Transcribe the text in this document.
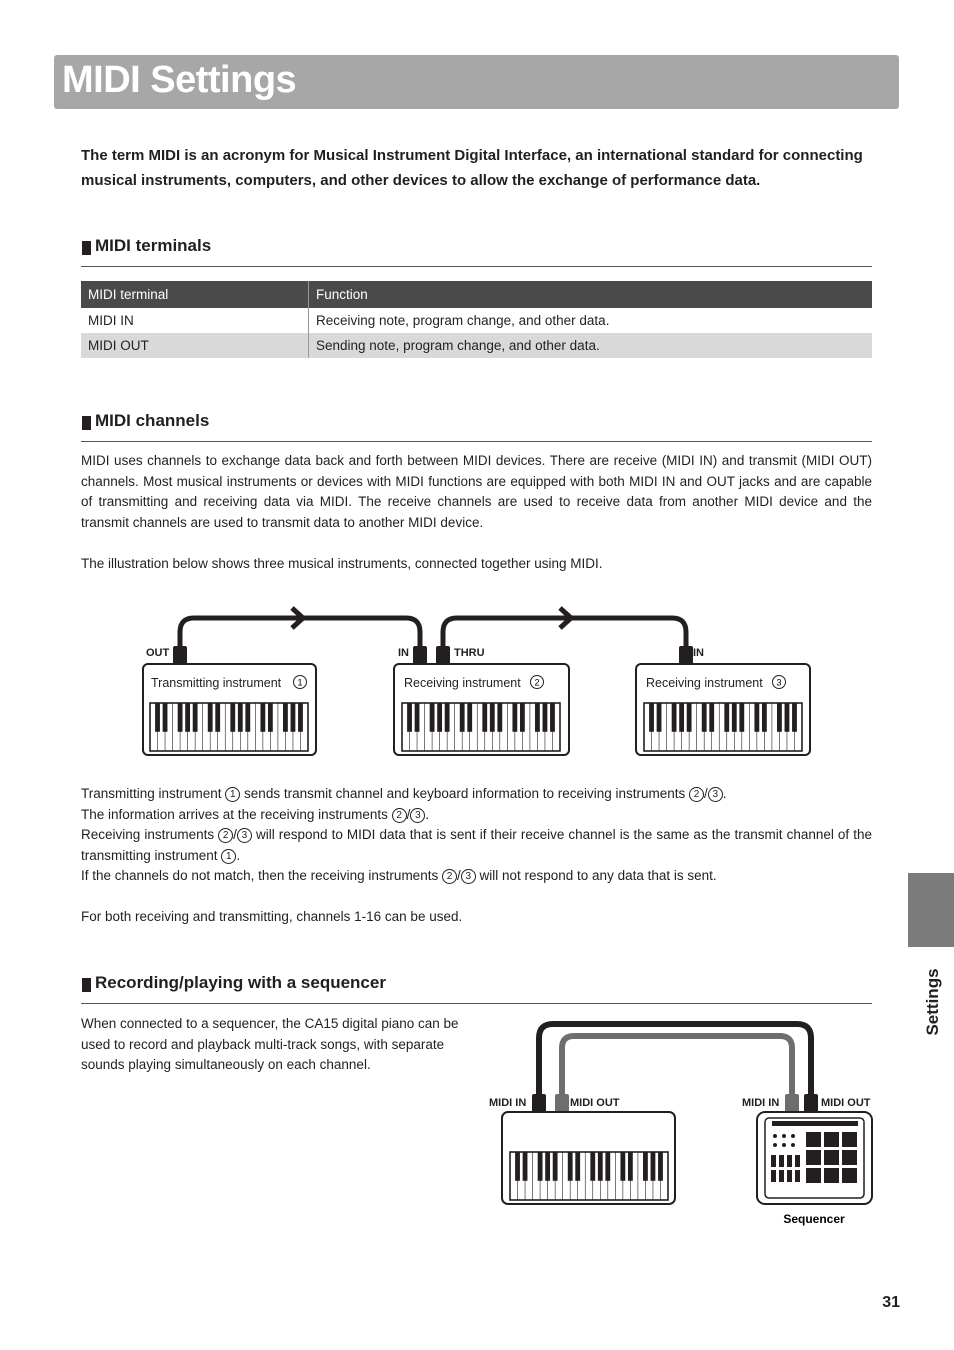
MIDI Settings
The term MIDI is an acronym for Musical Instrument Digital Interface, an international standard for connecting musical instruments, computers, and other devices to allow the exchange of performance data.
MIDI terminals
MIDI terminal	Function
MIDI IN	Receiving note, program change, and other data.
MIDI OUT	Sending note, program change, and other data.
MIDI channels
MIDI uses channels to exchange data back and forth between MIDI devices. There are receive (MIDI IN) and transmit (MIDI OUT) channels. Most musical instruments or devices with MIDI functions are equipped with both MIDI IN and OUT jacks and are capable of transmitting and receiving data via MIDI. The receive channels are used to receive data from another MIDI device and the transmit channels are used to transmit data to another MIDI device.
The illustration below shows three musical instruments, connected together using MIDI.
OUT	IN	THRU	IN
Transmitting instrument 1	Receiving instrument 2	Receiving instrument 3

Transmitting instrument 1 sends transmit channel and keyboard information to receiving instruments 2 / 3 .

The information arrives at the receiving instruments 2 / 3 .

Receiving instruments 2 / 3 will respond to MIDI data that is sent if their receive channel is the same as the transmit channel of the transmitting instrument 1 .

If the channels do not match, then the receiving instruments 2 / 3 will not respond to any data that is sent.

For both receiving and transmitting, channels 1-16 can be used.
Recording/playing with a sequencer
When connected to a sequencer, the CA15 digital piano can be used to record and playback multi-track songs, with separate sounds playing simultaneously on each channel.
MIDI IN	MIDI OUT	MIDI IN	MIDI OUT
Sequencer
Settings
31
